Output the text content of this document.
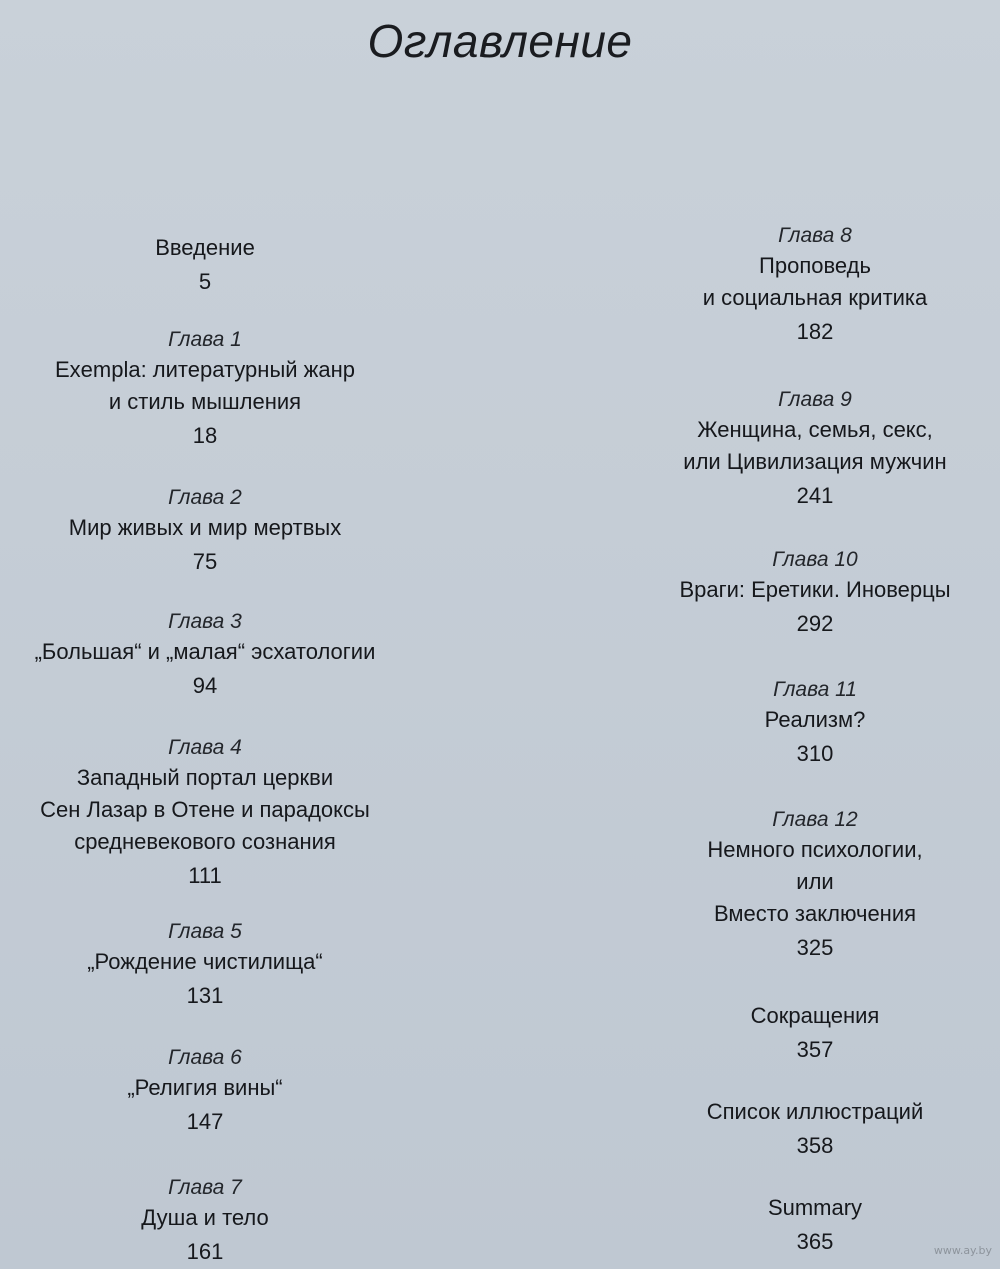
Оглавление
Введение
5
Глава 1
Exempla: литературный жанр
и стиль мышления
18
Глава 2
Мир живых и мир мертвых
75
Глава 3
„Большая“ и „малая“ эсхатологии
94
Глава 4
Западный портал церкви
Сен Лазар в Отене и парадоксы
средневекового сознания
111
Глава 5
„Рождение чистилища“
131
Глава 6
„Религия вины“
147
Глава 7
Душа и тело
161
Глава 8
Проповедь
и социальная критика
182
Глава 9
Женщина, семья, секс,
или Цивилизация мужчин
241
Глава 10
Враги: Еретики. Иноверцы
292
Глава 11
Реализм?
310
Глава 12
Немного психологии,
или
Вместо заключения
325
Сокращения
357
Список иллюстраций
358
Summary
365	www.ay.by
